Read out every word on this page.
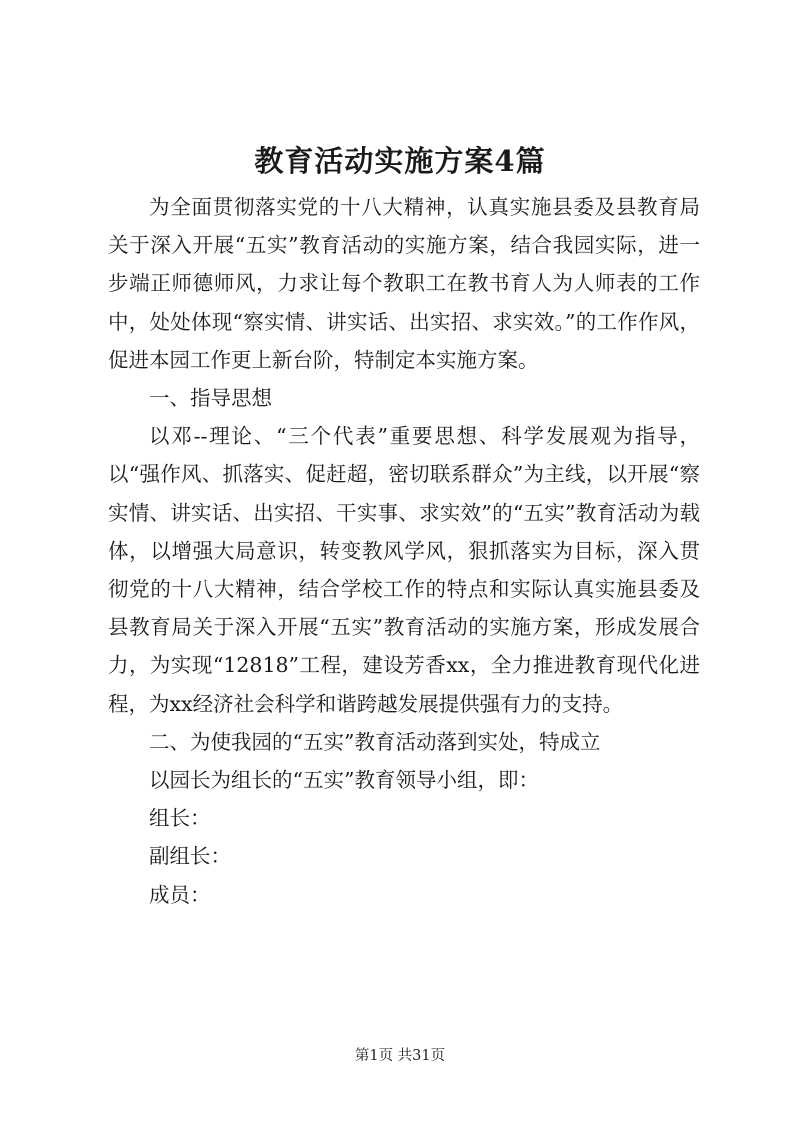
教育活动实施方案4篇

为全面贯彻落实党的十八大精神，认真实施县委及县教育局关于深入开展“五实”教育活动的实施方案，结合我园实际，进一步端正师德师风，力求让每个教职工在教书育人为人师表的工作中，处处体现“察实情、讲实话、出实招、求实效。”的工作作风，促进本园工作更上新台阶，特制定本实施方案。

一、指导思想

以邓--理论、“三个代表”重要思想、科学发展观为指导，以“强作风、抓落实、促赶超，密切联系群众”为主线，以开展“察实情、讲实话、出实招、干实事、求实效”的“五实”教育活动为载体，以增强大局意识，转变教风学风，狠抓落实为目标，深入贯彻党的十八大精神，结合学校工作的特点和实际认真实施县委及县教育局关于深入开展“五实”教育活动的实施方案，形成发展合力，为实现“12818”工程，建设芳香xx，全力推进教育现代化进程，为xx经济社会科学和谐跨越发展提供强有力的支持。

二、为使我园的“五实”教育活动落到实处，特成立

以园长为组长的“五实”教育领导小组，即：

组长：

副组长：

成员：

第1页 共31页
